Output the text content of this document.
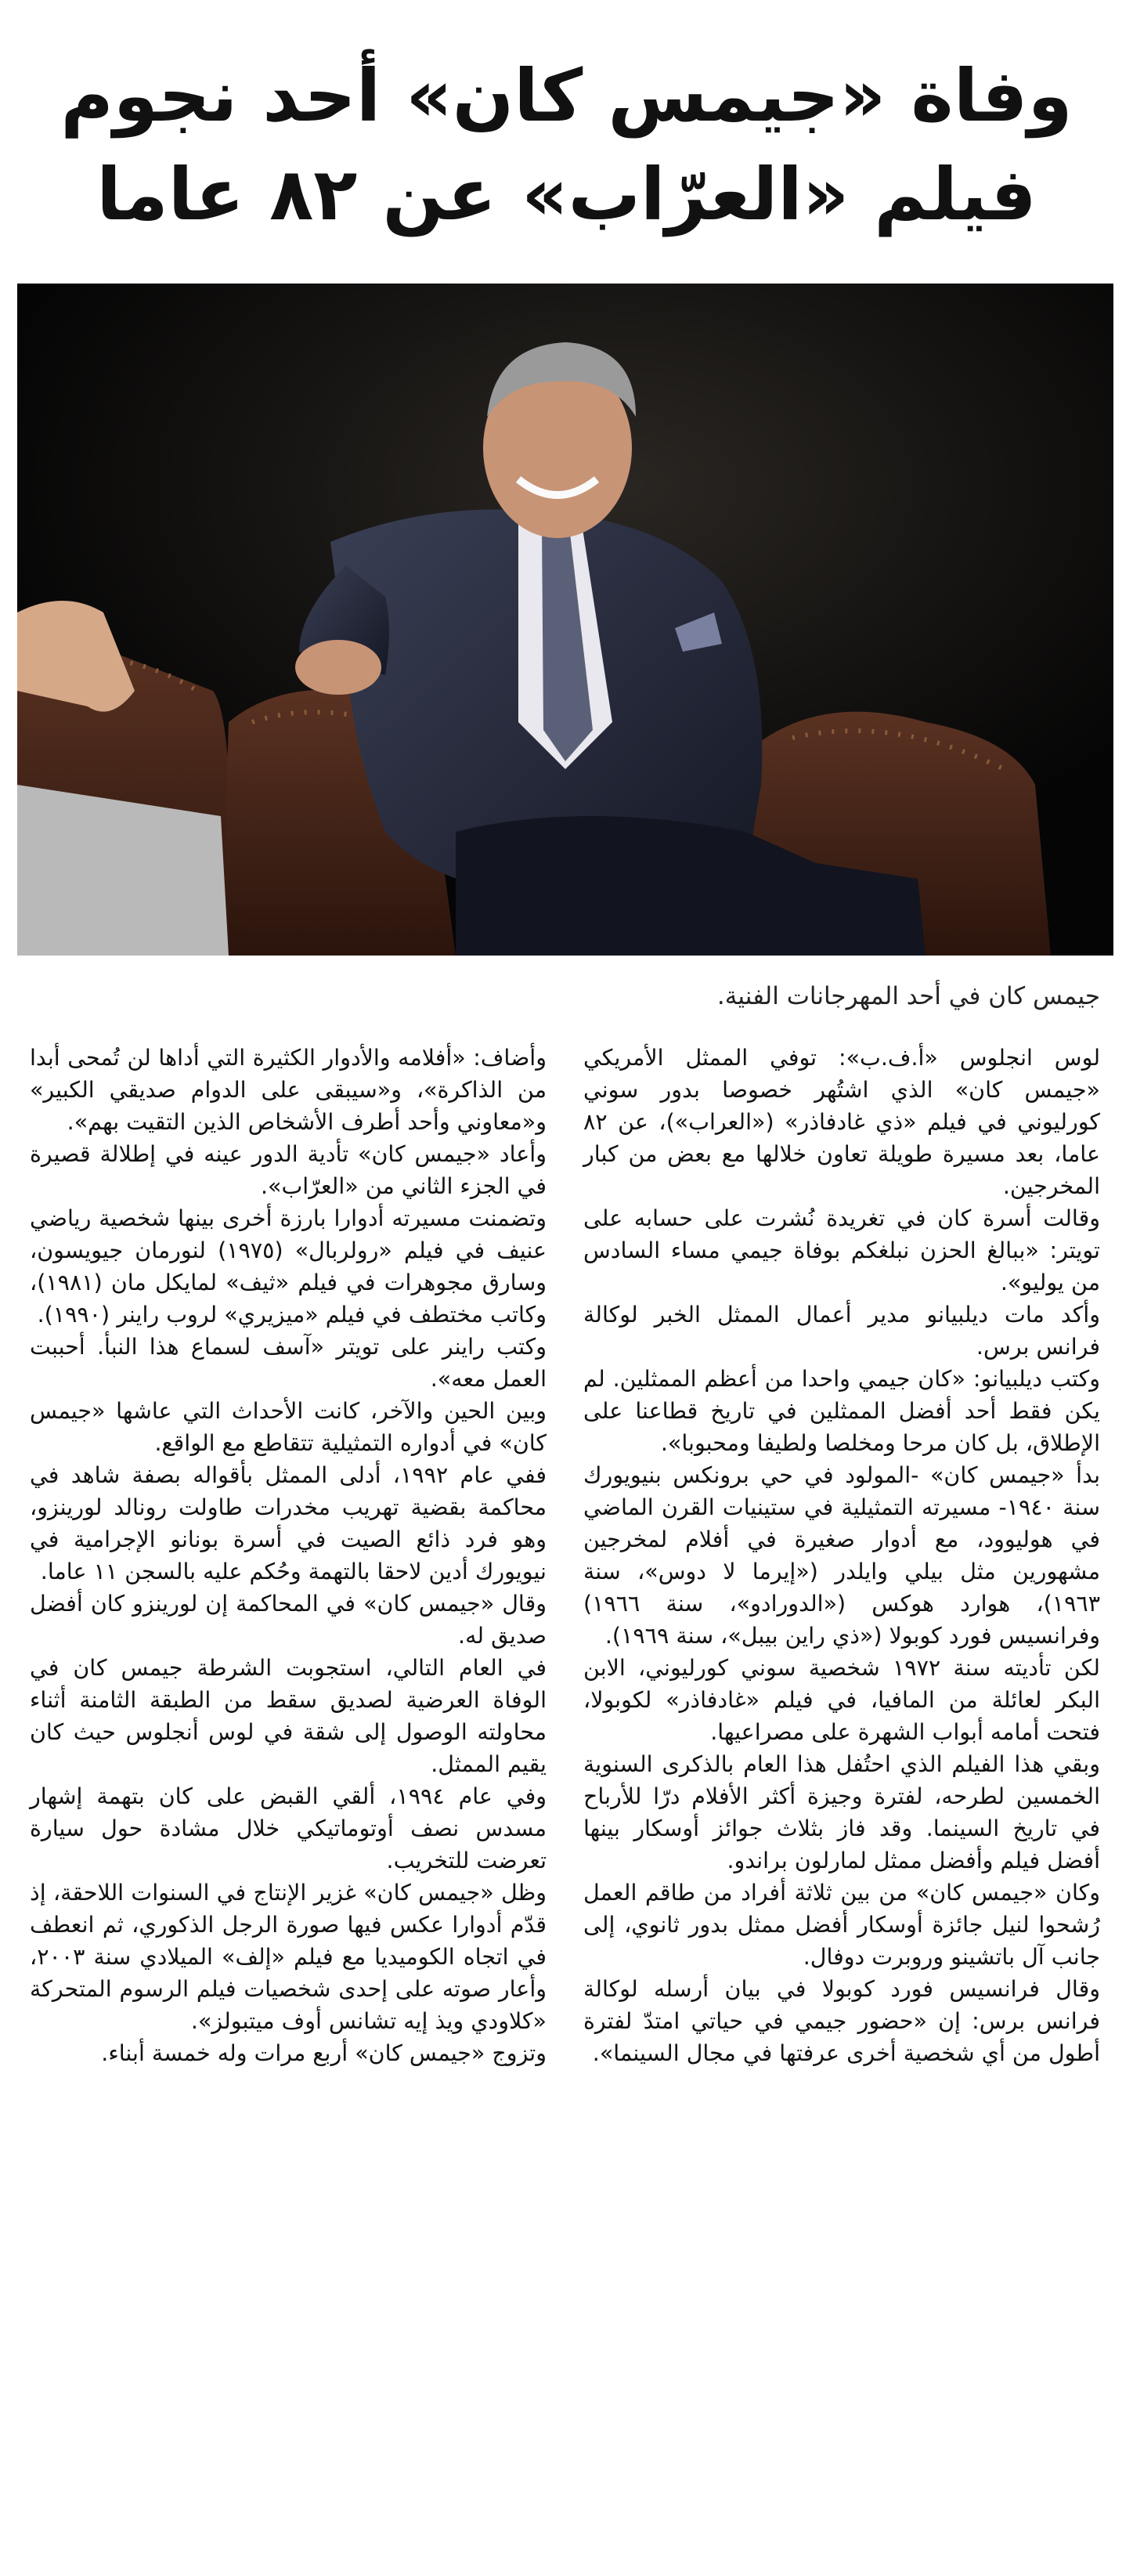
وفاة «جيمس كان» أحد نجوم
فيلم «العرّاب» عن ٨٢ عاما
جيمس كان في أحد المهرجانات الفنية.

لوس انجلوس «أ.ف.ب»: توفي الممثل الأمريكي «جيمس كان» الذي اشتُهر خصوصا بدور سوني كورليوني في فيلم «ذي غادفاذر» («العراب»)، عن ٨٢ عاما، بعد مسيرة طويلة تعاون خلالها مع بعض من كبار المخرجين.

وقالت أسرة كان في تغريدة نُشرت على حسابه على تويتر: «ببالغ الحزن نبلغكم بوفاة جيمي مساء السادس من يوليو».

وأكد مات ديلبيانو مدير أعمال الممثل الخبر لوكالة فرانس برس.

وكتب ديلبيانو: «كان جيمي واحدا من أعظم الممثلين. لم يكن فقط أحد أفضل الممثلين في تاريخ قطاعنا على الإطلاق، بل كان مرحا ومخلصا ولطيفا ومحبوبا».

بدأ «جيمس كان» -المولود في حي برونكس بنيويورك سنة ١٩٤٠- مسيرته التمثيلية في ستينيات القرن الماضي في هوليوود، مع أدوار صغيرة في أفلام لمخرجين مشهورين مثل بيلي وايلدر («إيرما لا دوس»، سنة ١٩٦٣)، هوارد هوكس («الدورادو»، سنة ١٩٦٦) وفرانسيس فورد كوبولا («ذي راين بيبل»، سنة ١٩٦٩).

لكن تأديته سنة ١٩٧٢ شخصية سوني كورليوني، الابن البكر لعائلة من المافيا، في فيلم «غادفاذر» لكوبولا، فتحت أمامه أبواب الشهرة على مصراعيها.

وبقي هذا الفيلم الذي احتُفل هذا العام بالذكرى السنوية الخمسين لطرحه، لفترة وجيزة أكثر الأفلام درّا للأرباح في تاريخ السينما. وقد فاز بثلاث جوائز أوسكار بينها أفضل فيلم وأفضل ممثل لمارلون براندو.

وكان «جيمس كان» من بين ثلاثة أفراد من طاقم العمل رُشحوا لنيل جائزة أوسكار أفضل ممثل بدور ثانوي، إلى جانب آل باتشينو وروبرت دوفال.

وقال فرانسيس فورد كوبولا في بيان أرسله لوكالة فرانس برس: إن «حضور جيمي في حياتي امتدّ لفترة أطول من أي شخصية أخرى عرفتها في مجال السينما».

وأضاف: «أفلامه والأدوار الكثيرة التي أداها لن تُمحى أبدا من الذاكرة»، و«سيبقى على الدوام صديقي الكبير» و«معاوني وأحد أطرف الأشخاص الذين التقيت بهم».

وأعاد «جيمس كان» تأدية الدور عينه في إطلالة قصيرة في الجزء الثاني من «العرّاب».

وتضمنت مسيرته أدوارا بارزة أخرى بينها شخصية رياضي عنيف في فيلم «رولربال» (١٩٧٥) لنورمان جيويسون، وسارق مجوهرات في فيلم «ثيف» لمايكل مان (١٩٨١)، وكاتب مختطف في فيلم «ميزيري» لروب راينر (١٩٩٠).

وكتب راينر على تويتر «آسف لسماع هذا النبأ. أحببت العمل معه».

وبين الحين والآخر، كانت الأحداث التي عاشها «جيمس كان» في أدواره التمثيلية تتقاطع مع الواقع.

ففي عام ١٩٩٢، أدلى الممثل بأقواله بصفة شاهد في محاكمة بقضية تهريب مخدرات طاولت رونالد لورينزو، وهو فرد ذائع الصيت في أسرة بونانو الإجرامية في نيويورك أدين لاحقا بالتهمة وحُكم عليه بالسجن ١١ عاما.

وقال «جيمس كان» في المحاكمة إن لورينزو كان أفضل صديق له.

في العام التالي، استجوبت الشرطة جيمس كان في الوفاة العرضية لصديق سقط من الطبقة الثامنة أثناء محاولته الوصول إلى شقة في لوس أنجلوس حيث كان يقيم الممثل.

وفي عام ١٩٩٤، ألقي القبض على كان بتهمة إشهار مسدس نصف أوتوماتيكي خلال مشادة حول سيارة تعرضت للتخريب.

وظل «جيمس كان» غزير الإنتاج في السنوات اللاحقة، إذ قدّم أدوارا عكس فيها صورة الرجل الذكوري، ثم انعطف في اتجاه الكوميديا مع فيلم «إلف» الميلادي سنة ٢٠٠٣، وأعار صوته على إحدى شخصيات فيلم الرسوم المتحركة «كلاودي ويذ إيه تشانس أوف ميتبولز».

وتزوج «جيمس كان» أربع مرات وله خمسة أبناء.
